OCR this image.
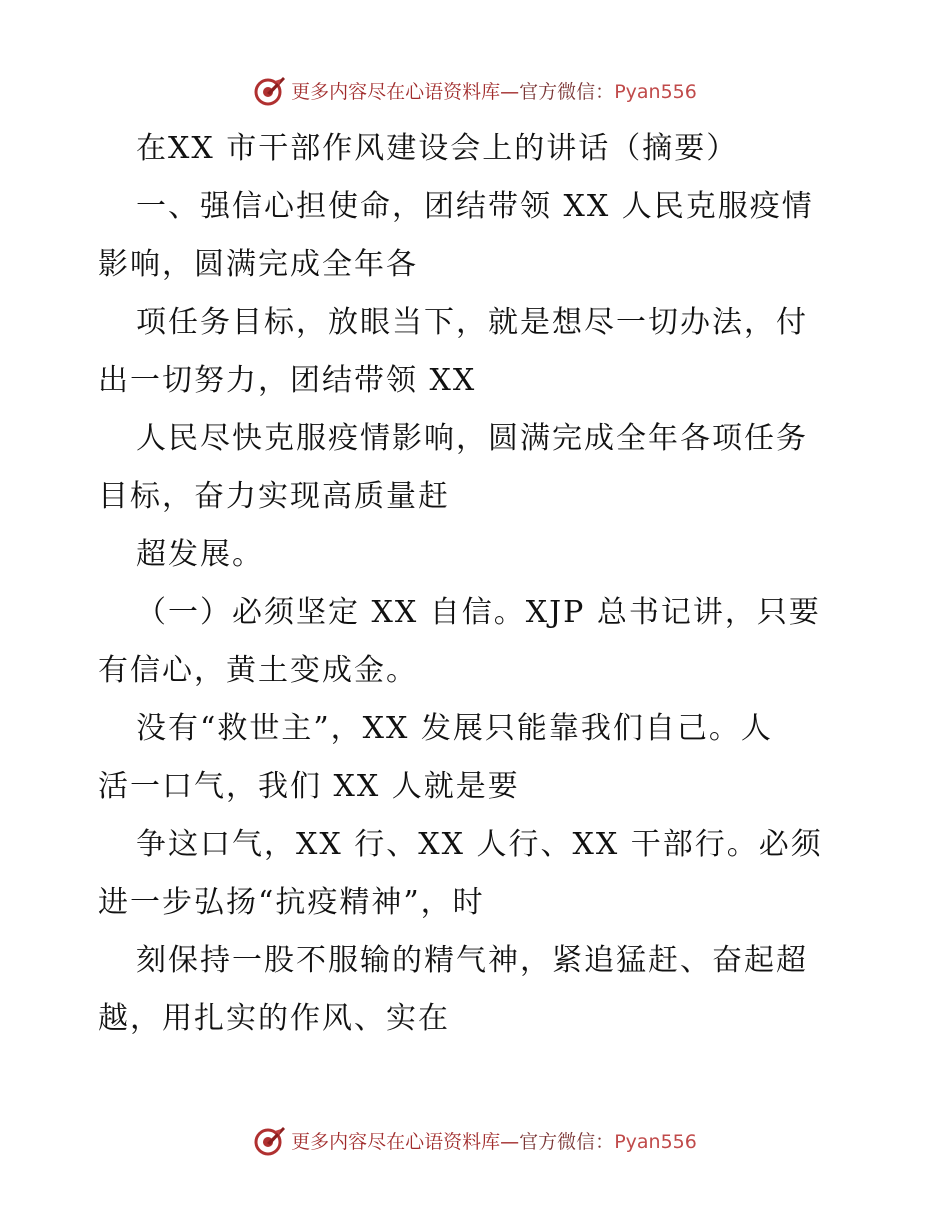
更多内容尽在心语资料库—官方微信：Pyan556
在XX 市干部作风建设会上的讲话（摘要）
一、强信心担使命，团结带领 XX 人民克服疫情
影响，圆满完成全年各
项任务目标，放眼当下，就是想尽一切办法，付
出一切努力，团结带领 XX
人民尽快克服疫情影响，圆满完成全年各项任务
目标，奋力实现高质量赶
超发展。
（一）必须坚定 XX 自信。XJP 总书记讲，只要
有信心，黄土变成金。
没有“救世主”，XX 发展只能靠我们自己。人
活一口气，我们 XX 人就是要
争这口气，XX 行、XX 人行、XX 干部行。必须
进一步弘扬“抗疫精神”，时
刻保持一股不服输的精气神，紧追猛赶、奋起超
越，用扎实的作风、实在
更多内容尽在心语资料库—官方微信：Pyan556
